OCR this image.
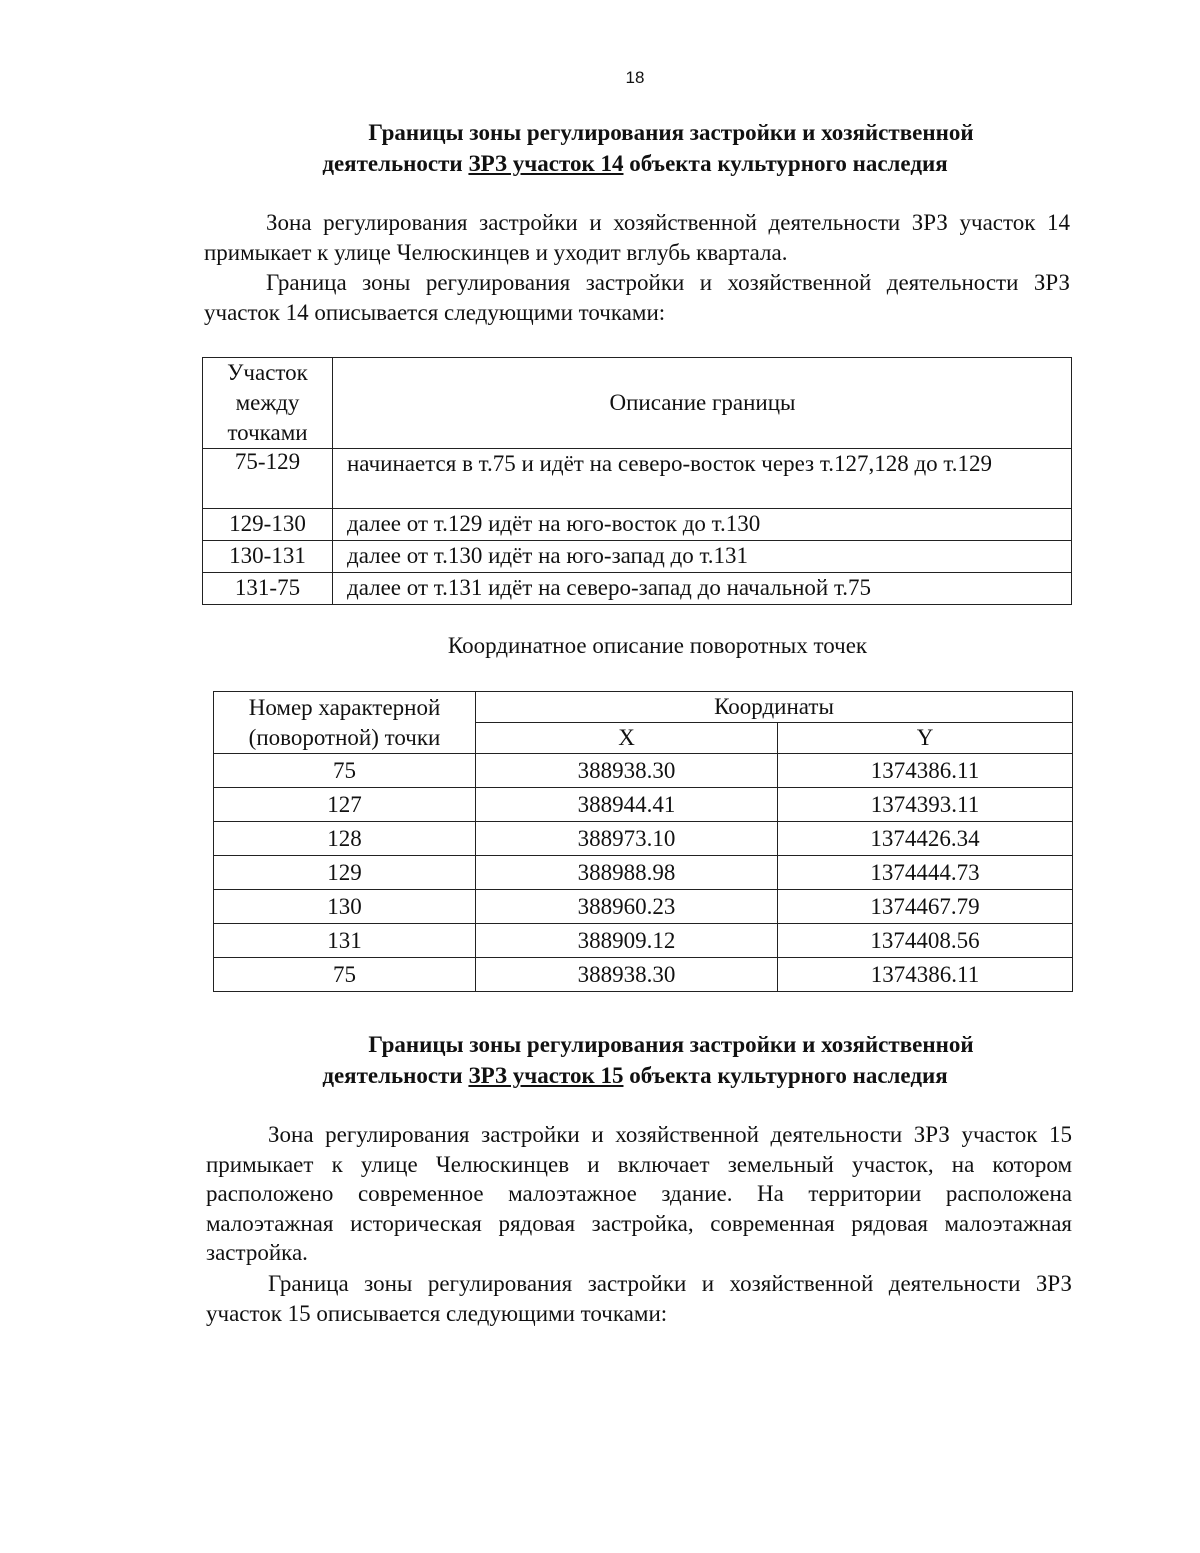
18
Границы зоны регулирования застройки и хозяйственной
деятельности ЗРЗ участок 14 объекта культурного наследия

Зона регулирования застройки и хозяйственной деятельности ЗРЗ участок 14 примыкает к улице Челюскинцев и уходит вглубь квартала.

Граница зоны регулирования застройки и хозяйственной деятельности ЗРЗ участок 14 описывается следующими точками:

Участок между точками	Описание границы
75-129	начинается в т.75 и идёт на северо-восток через т.127,128 до т.129
129-130	далее от т.129 идёт на юго-восток до т.130
130-131	далее от т.130 идёт на юго-запад до т.131
131-75	далее от т.131 идёт на северо-запад до начальной т.75
Координатное описание поворотных точек
Номер характерной (поворотной) точки	Координаты	
	X	Y
75	388938.30	1374386.11
127	388944.41	1374393.11
128	388973.10	1374426.34
129	388988.98	1374444.73
130	388960.23	1374467.79
131	388909.12	1374408.56
75	388938.30	1374386.11
Границы зоны регулирования застройки и хозяйственной
деятельности ЗРЗ участок 15 объекта культурного наследия

Зона регулирования застройки и хозяйственной деятельности ЗРЗ участок 15 примыкает к улице Челюскинцев и включает земельный участок, на котором расположено современное малоэтажное здание. На территории расположена малоэтажная историческая рядовая застройка, современная рядовая малоэтажная застройка.

Граница зоны регулирования застройки и хозяйственной деятельности ЗРЗ участок 15 описывается следующими точками:
